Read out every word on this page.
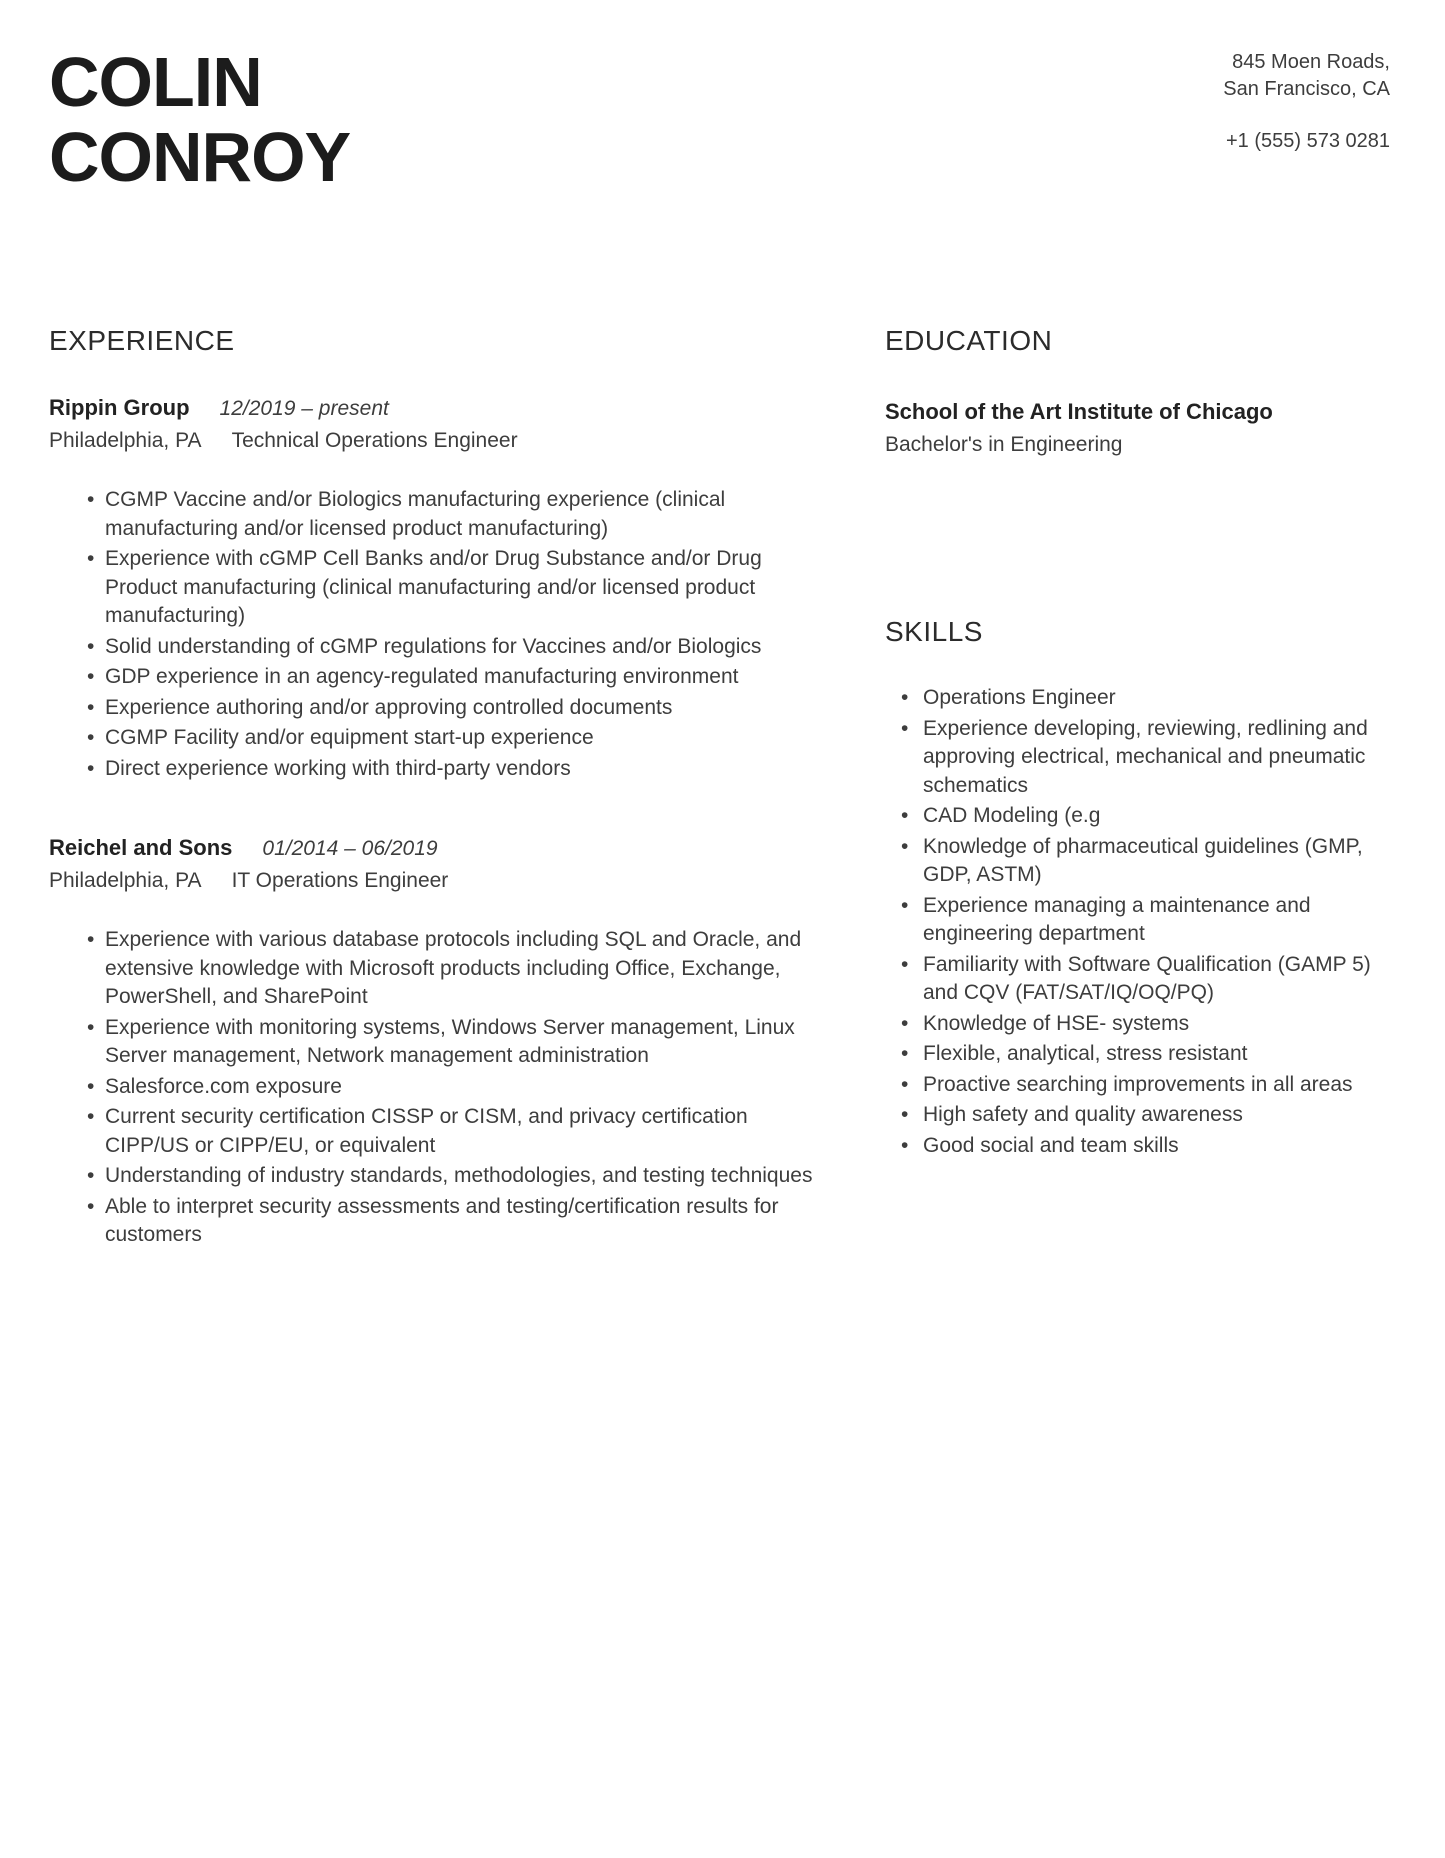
COLIN
CONROY
845 Moen Roads,
San Francisco, CA
+1 (555) 573 0281
EXPERIENCE
Rippin Group 12/2019 – present
Philadelphia, PA Technical Operations Engineer
• CGMP Vaccine and/or Biologics manufacturing experience (clinical manufacturing and/or licensed product manufacturing)
• Experience with cGMP Cell Banks and/or Drug Substance and/or Drug Product manufacturing (clinical manufacturing and/or licensed product manufacturing)
• Solid understanding of cGMP regulations for Vaccines and/or Biologics
• GDP experience in an agency-regulated manufacturing environment
• Experience authoring and/or approving controlled documents
• CGMP Facility and/or equipment start-up experience
• Direct experience working with third-party vendors
Reichel and Sons 01/2014 – 06/2019
Philadelphia, PA IT Operations Engineer
• Experience with various database protocols including SQL and Oracle, and extensive knowledge with Microsoft products including Office, Exchange, PowerShell, and SharePoint
• Experience with monitoring systems, Windows Server management, Linux Server management, Network management administration
• Salesforce.com exposure
• Current security certification CISSP or CISM, and privacy certification CIPP/US or CIPP/EU, or equivalent
• Understanding of industry standards, methodologies, and testing techniques
• Able to interpret security assessments and testing/certification results for customers
EDUCATION
School of the Art Institute of Chicago
Bachelor's in Engineering
SKILLS
• Operations Engineer
• Experience developing, reviewing, redlining and approving electrical, mechanical and pneumatic schematics
• CAD Modeling (e.g
• Knowledge of pharmaceutical guidelines (GMP, GDP, ASTM)
• Experience managing a maintenance and engineering department
• Familiarity with Software Qualification (GAMP 5) and CQV (FAT/SAT/IQ/OQ/PQ)
• Knowledge of HSE- systems
• Flexible, analytical, stress resistant
• Proactive searching improvements in all areas
• High safety and quality awareness
• Good social and team skills
